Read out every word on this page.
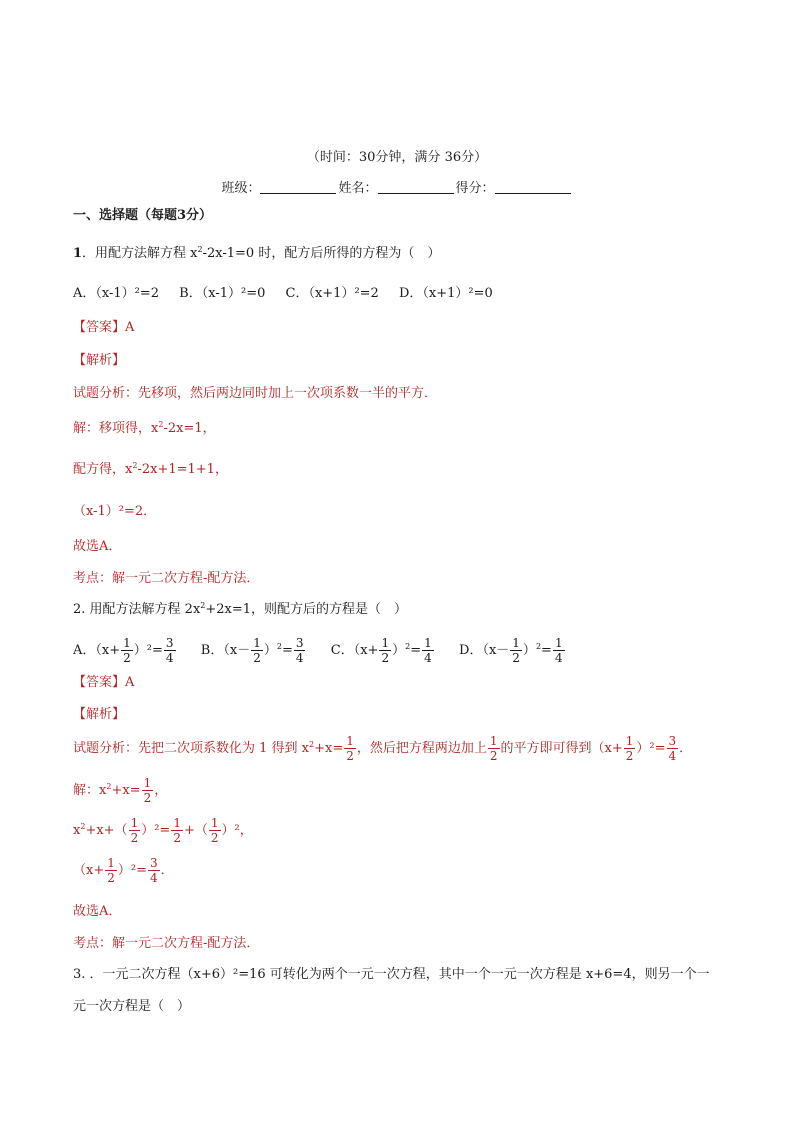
（时间：30分钟，满分 36分）
班级：	姓名：	得分：
一、选择题（每题3分）
1．用配方法解方程 $x^2-2x-1=0$ 时，配方后所得的方程为（　）
A．（x-1）²=2 B．（x-1）²=0 C．（x+1）²=2 D．（x+1）²=0
【答案】A
【解析】
试题分析：先移项，然后两边同时加上一次项系数一半的平方．
解：移项得，$x^2-2x=1$，
配方得，$x^2-2x+1=1+1$，
（x-1）²=2．
故选A．
考点：解一元二次方程-配方法．
2. 用配方法解方程 $2x^2+2x=1$，则配方后的方程是（　）
A．$(x+ \frac{1}{2} )^2= \frac{3}{4}$ B．$(x- \frac{1}{2} )^2= \frac{3}{4}$ C．$(x+ \frac{1}{2} )^2= \frac{1}{4}$ D．$(x- \frac{1}{2} )^2= \frac{1}{4}$
【答案】A
【解析】
试题分析：先把二次项系数化为 1 得到 $x^2+x= \frac{1}{2}$ ，然后把方程两边加上 $\frac{1}{2}$ 的平方即可得到$(x+ \frac{1}{2} )^2= \frac{3}{4}$ ．
解：$x^2+x= \frac{1}{2}$ ，
$x^2+x+( \frac{1}{2} )^2= \frac{1}{2}$ +（ $\frac{1}{2} )^2$，
$(x+ \frac{1}{2} )^2= \frac{3}{4}$ ．
故选A．
考点：解一元二次方程-配方法．
3. ．一元二次方程（x+6）²=16 可转化为两个一元一次方程，其中一个一元一次方程是 x+6=4，则另一个一
元一次方程是（　）
